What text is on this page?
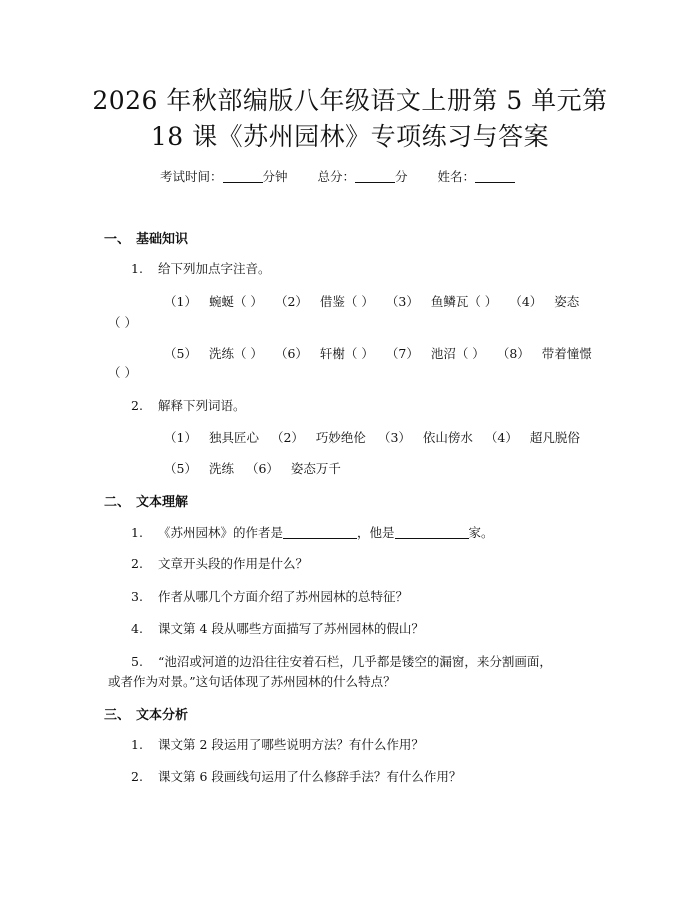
2026 年秋部编版八年级语文上册第 5 单元第
18 课《苏州园林》专项练习与答案
考试时间：	分钟 总分：	分 姓名：
一、 基础知识
1. 给下列加点字注音。
（1） 蜿蜒（ ） （2） 借鉴（ ） （3） 鱼鳞瓦（ ） （4） 姿态
（ ）
（5） 洗练（ ） （6） 轩榭（ ） （7） 池沼（ ） （8） 带着憧憬
（ ）
2. 解释下列词语。
（1） 独具匠心 （2） 巧妙绝伦 （3） 依山傍水 （4） 超凡脱俗
（5） 洗练 （6） 姿态万千
二、 文本理解
1. 《苏州园林》的作者是	，他是	家。
2. 文章开头段的作用是什么？
3. 作者从哪几个方面介绍了苏州园林的总特征？
4. 课文第 4 段从哪些方面描写了苏州园林的假山？
5. “池沼或河道的边沿往往安着石栏，几乎都是镂空的漏窗，来分割画面，
或者作为对景。”这句话体现了苏州园林的什么特点？
三、 文本分析
1. 课文第 2 段运用了哪些说明方法？有什么作用？
2. 课文第 6 段画线句运用了什么修辞手法？有什么作用？
